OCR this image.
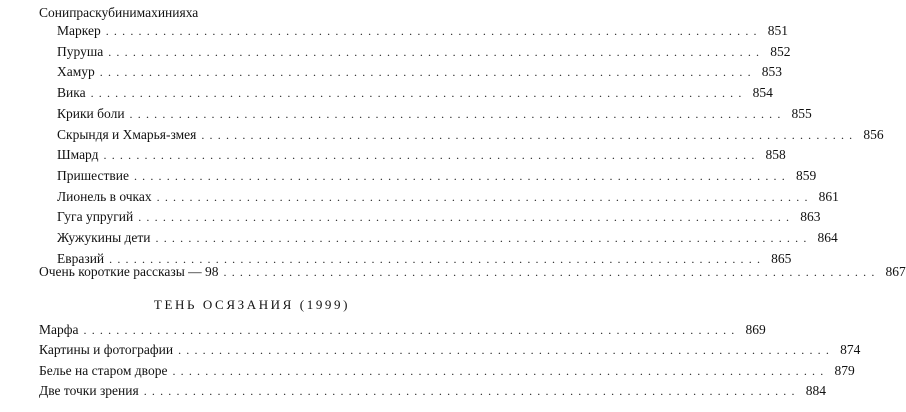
Сонипраскубинимахинияха
Маркер ................................................................................ 851
Пуруша ................................................................................ 852
Хамур ................................................................................ 853
Вика ................................................................................ 854
Крики боли ................................................................................ 855
Скрындя и Хмарья-змея ................................................................................ 856
Шмард ................................................................................ 858
Пришествие ................................................................................ 859
Лионель в очках ................................................................................ 861
Гуга упругий ................................................................................ 863
Жужукины дети ................................................................................ 864
Евразий ................................................................................ 865
Очень короткие рассказы — 98 ................................................................................ 867
ТЕНЬ ОСЯЗАНИЯ (1999)
Марфа ................................................................................ 869
Картины и фотографии ................................................................................ 874
Белье на старом дворе ................................................................................ 879
Две точки зрения ................................................................................ 884
